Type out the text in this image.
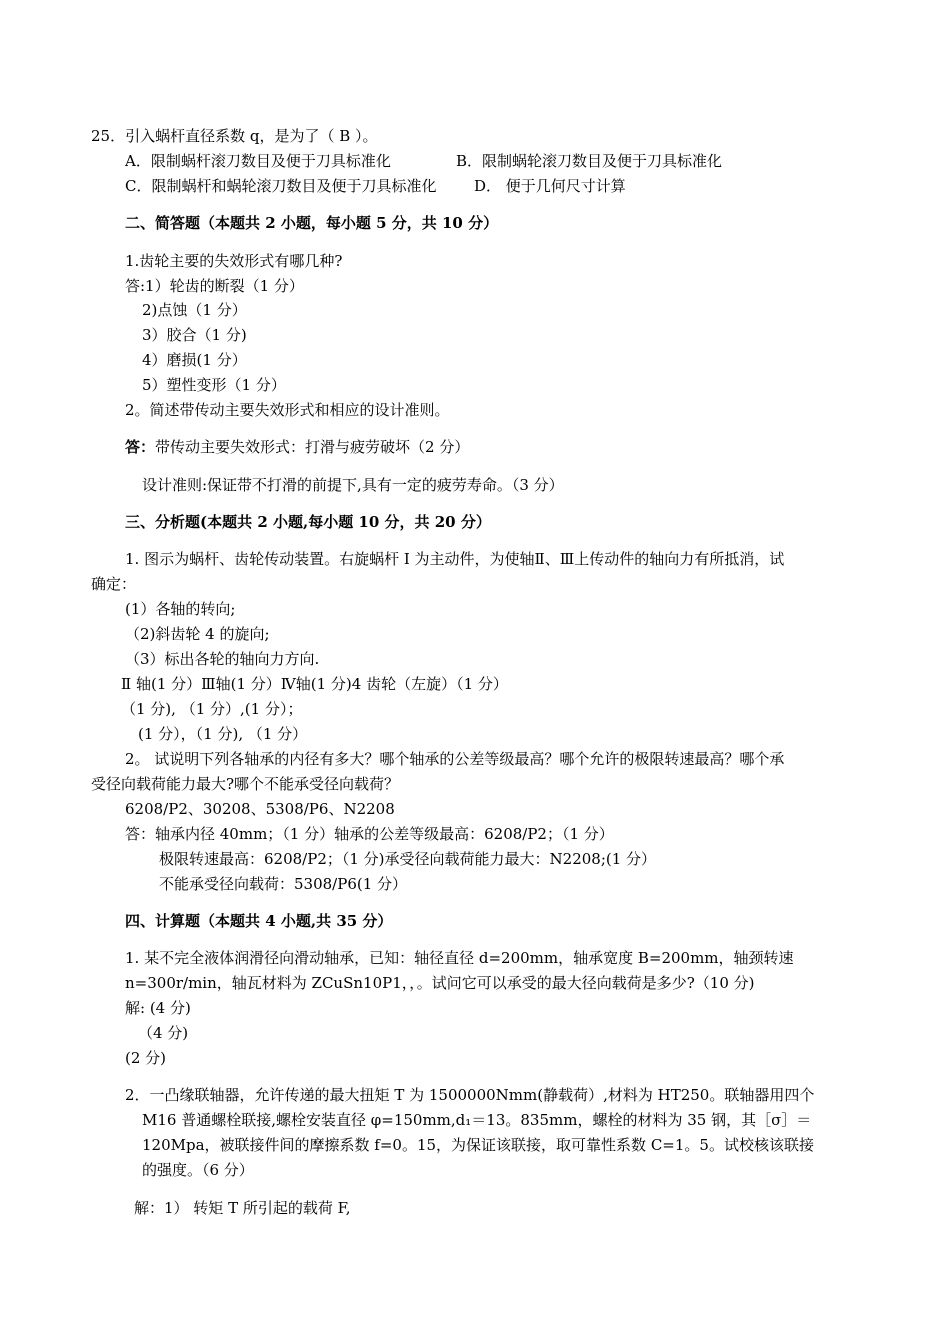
25．引入蜗杆直径系数 q，是为了（ B ）。
A．限制蜗杆滚刀数目及便于刀具标准化	B．限制蜗轮滚刀数目及便于刀具标准化
C．限制蜗杆和蜗轮滚刀数目及便于刀具标准化	D． 便于几何尺寸计算
二、简答题（本题共 2 小题，每小题 5 分，共 10 分）
1.齿轮主要的失效形式有哪几种?
答:1）轮齿的断裂（1 分）
2)点蚀（1 分）
3）胶合（1 分)
4）磨损(1 分）
5）塑性变形（1 分）
2。简述带传动主要失效形式和相应的设计准则。
答：带传动主要失效形式：打滑与疲劳破坏（2 分）
设计准则:保证带不打滑的前提下,具有一定的疲劳寿命。（3 分）
三、分析题(本题共 2 小题,每小题 10 分，共 20 分）
1. 图示为蜗杆、齿轮传动装置。右旋蜗杆 I 为主动件，为使轴Ⅱ、Ⅲ上传动件的轴向力有所抵消，试
确定：
(1）各轴的转向;
（2)斜齿轮 4 的旋向;
（3）标出各轮的轴向力方向.
Ⅱ 轴(1 分）Ⅲ轴(1 分）Ⅳ轴(1 分)4 齿轮（左旋）（1 分）
（1 分), （1 分）,(1 分）；
(1 分），（1 分), （1 分）
2。 试说明下列各轴承的内径有多大？哪个轴承的公差等级最高？哪个允许的极限转速最高？哪个承
受径向载荷能力最大?哪个不能承受径向载荷？
6208/P2、30208、5308/P6、N2208
答：轴承内径 40mm；（1 分）轴承的公差等级最高：6208/P2；（1 分）
极限转速最高：6208/P2；（1 分)承受径向载荷能力最大：N2208;(1 分）
不能承受径向载荷：5308/P6(1 分）
四、计算题（本题共 4 小题,共 35 分）
1. 某不完全液体润滑径向滑动轴承，已知：轴径直径 d=200mm，轴承宽度 B=200mm，轴颈转速
n=300r/min，轴瓦材料为 ZCuSn10P1，，。试问它可以承受的最大径向载荷是多少?（10 分)
解: (4 分)
（4 分)
(2 分)
2．一凸缘联轴器，允许传递的最大扭矩 T 为 1500000Nmm(静载荷）,材料为 HT250。联轴器用四个
M16 普通螺栓联接,螺栓安装直径 φ=150mm,d₁＝13。835mm，螺栓的材料为 35 钢，其［σ］＝
120Mpa，被联接件间的摩擦系数 f=0。15，为保证该联接，取可靠性系数 C=1。5。试校核该联接
的强度。（6 分）
解：1） 转矩 T 所引起的载荷 F,
